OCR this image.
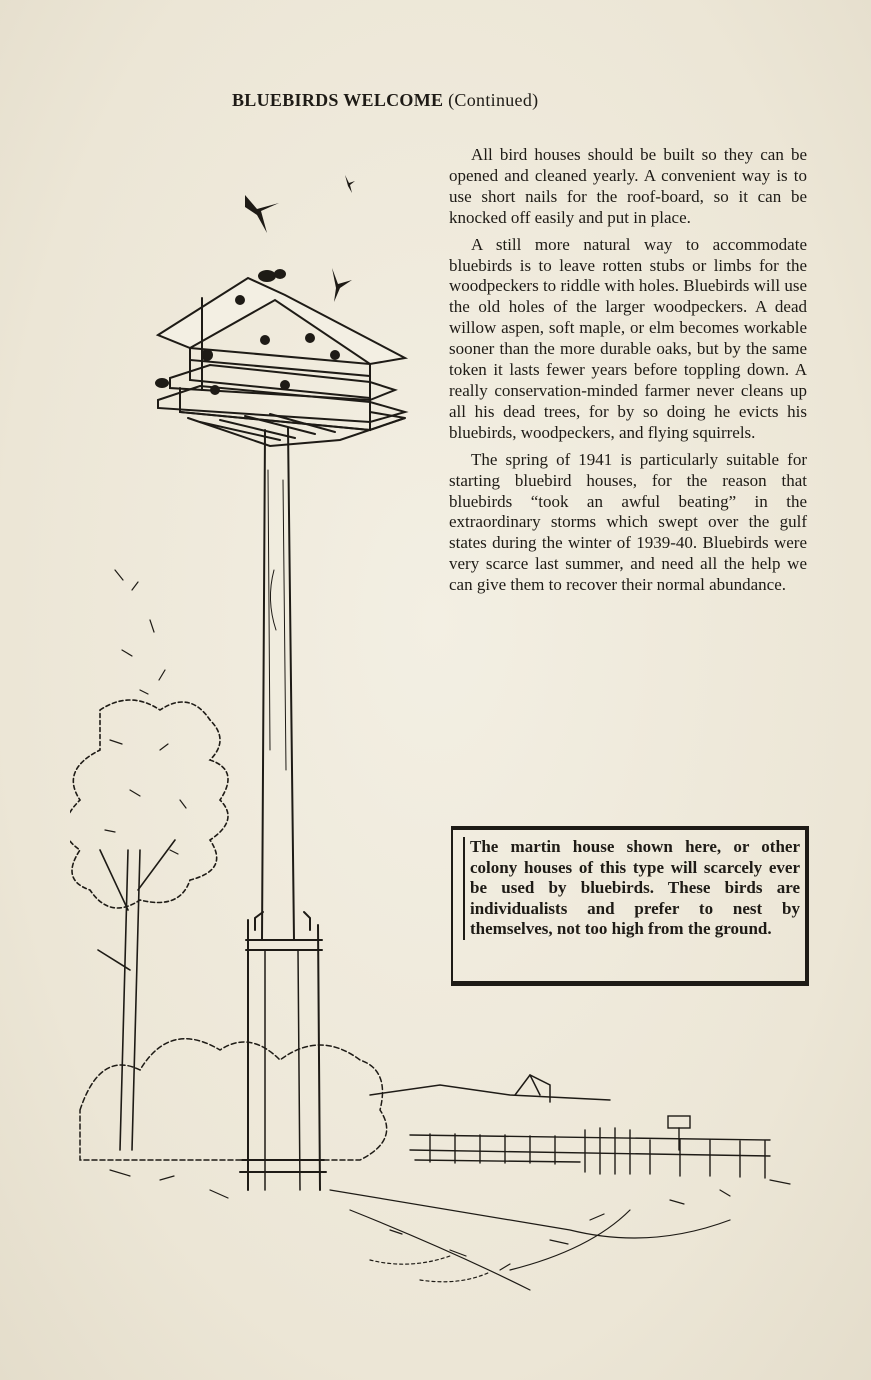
BLUEBIRDS WELCOME (Continued)

All bird houses should be built so they can be opened and cleaned yearly. A convenient way is to use short nails for the roof-board, so it can be knocked off easily and put in place.

A still more natural way to accommodate bluebirds is to leave rotten stubs or limbs for the woodpeckers to riddle with holes. Bluebirds will use the old holes of the larger woodpeckers. A dead willow aspen, soft maple, or elm becomes workable sooner than the more durable oaks, but by the same token it lasts fewer years before toppling down. A really conservation-minded farmer never cleans up all his dead trees, for by so doing he evicts his bluebirds, woodpeckers, and flying squirrels.

The spring of 1941 is particularly suitable for starting bluebird houses, for the reason that bluebirds “took an awful beating” in the extraordinary storms which swept over the gulf states during the winter of 1939-40. Bluebirds were very scarce last summer, and need all the help we can give them to recover their normal abundance.

The martin house shown here, or other colony houses of this type will scarcely ever be used by bluebirds. These birds are individualists and prefer to nest by themselves, not too high from the ground.
